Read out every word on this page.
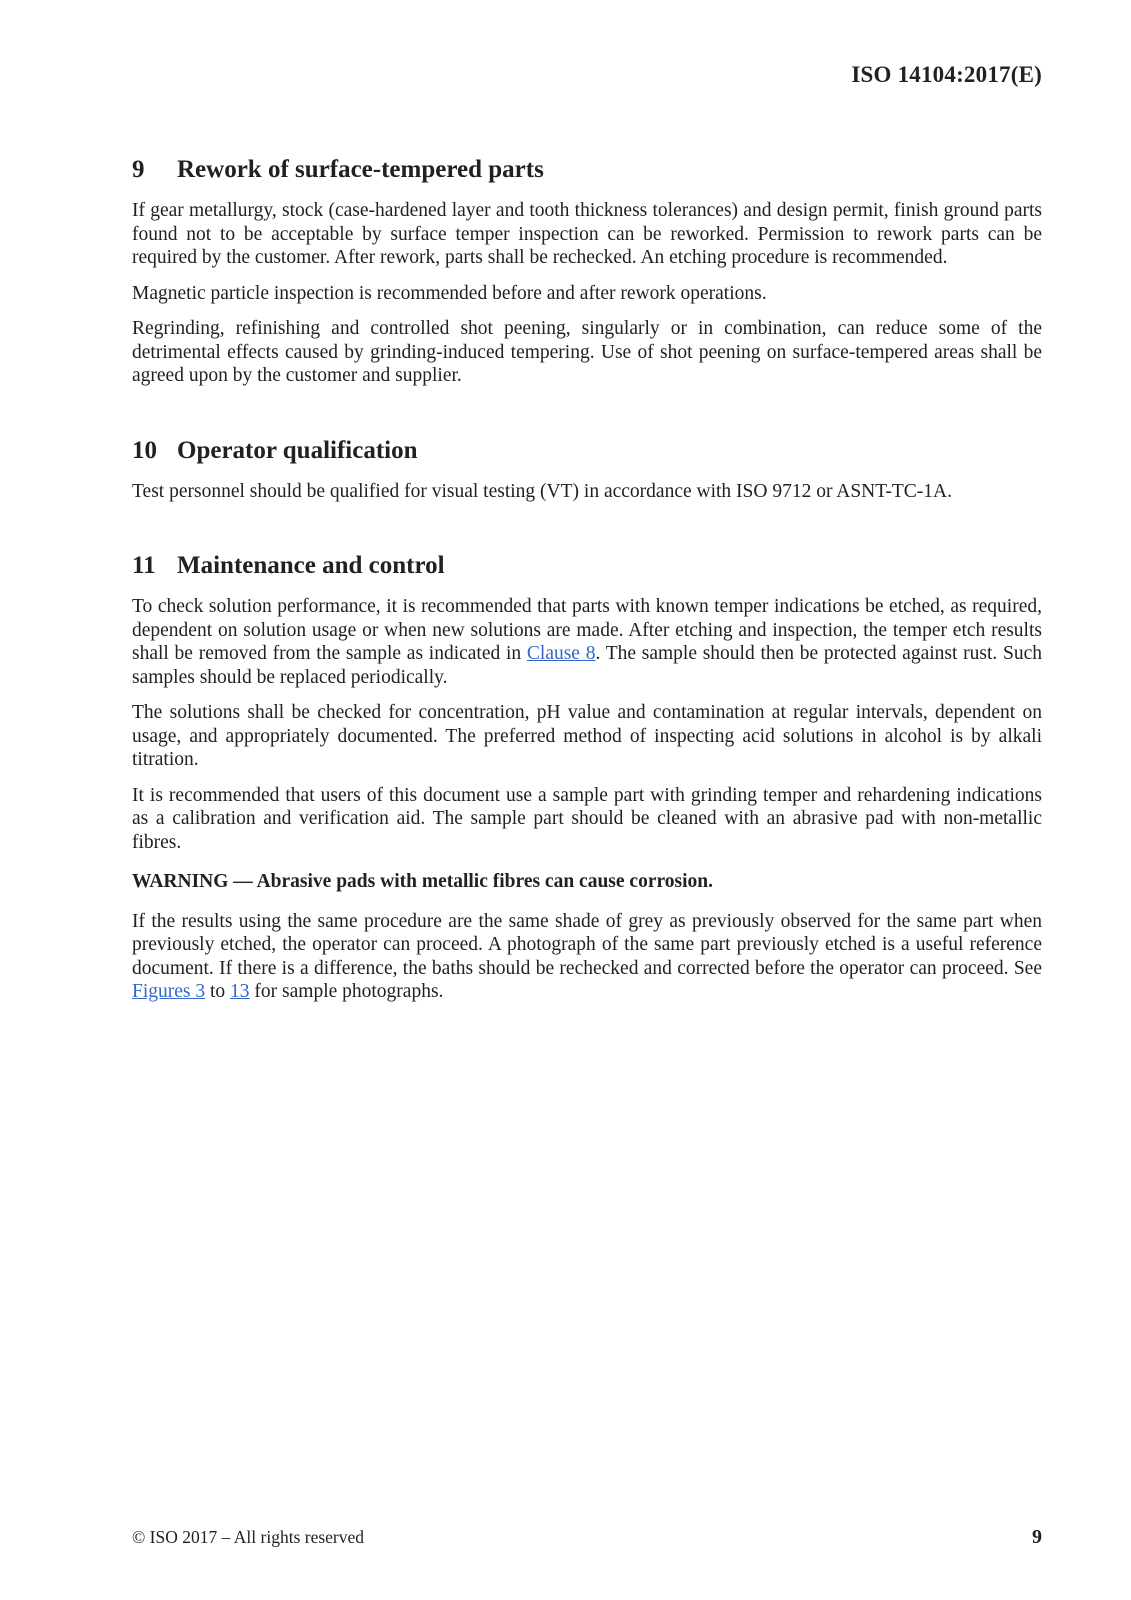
ISO 14104:2017(E)
9 Rework of surface-tempered parts

If gear metallurgy, stock (case-hardened layer and tooth thickness tolerances) and design permit, finish ground parts found not to be acceptable by surface temper inspection can be reworked. Permission to rework parts can be required by the customer. After rework, parts shall be rechecked. An etching procedure is recommended.

Magnetic particle inspection is recommended before and after rework operations.

Regrinding, refinishing and controlled shot peening, singularly or in combination, can reduce some of the detrimental effects caused by grinding-induced tempering. Use of shot peening on surface-tempered areas shall be agreed upon by the customer and supplier.

10 Operator qualification

Test personnel should be qualified for visual testing (VT) in accordance with ISO 9712 or ASNT-TC-1A.

11 Maintenance and control

To check solution performance, it is recommended that parts with known temper indications be etched, as required, dependent on solution usage or when new solutions are made. After etching and inspection, the temper etch results shall be removed from the sample as indicated in Clause 8. The sample should then be protected against rust. Such samples should be replaced periodically.

The solutions shall be checked for concentration, pH value and contamination at regular intervals, dependent on usage, and appropriately documented. The preferred method of inspecting acid solutions in alcohol is by alkali titration.

It is recommended that users of this document use a sample part with grinding temper and rehardening indications as a calibration and verification aid. The sample part should be cleaned with an abrasive pad with non-metallic fibres.

WARNING — Abrasive pads with metallic fibres can cause corrosion.

If the results using the same procedure are the same shade of grey as previously observed for the same part when previously etched, the operator can proceed. A photograph of the same part previously etched is a useful reference document. If there is a difference, the baths should be rechecked and corrected before the operator can proceed. See Figures 3 to 13 for sample photographs.

© ISO 2017 – All rights reserved	9
